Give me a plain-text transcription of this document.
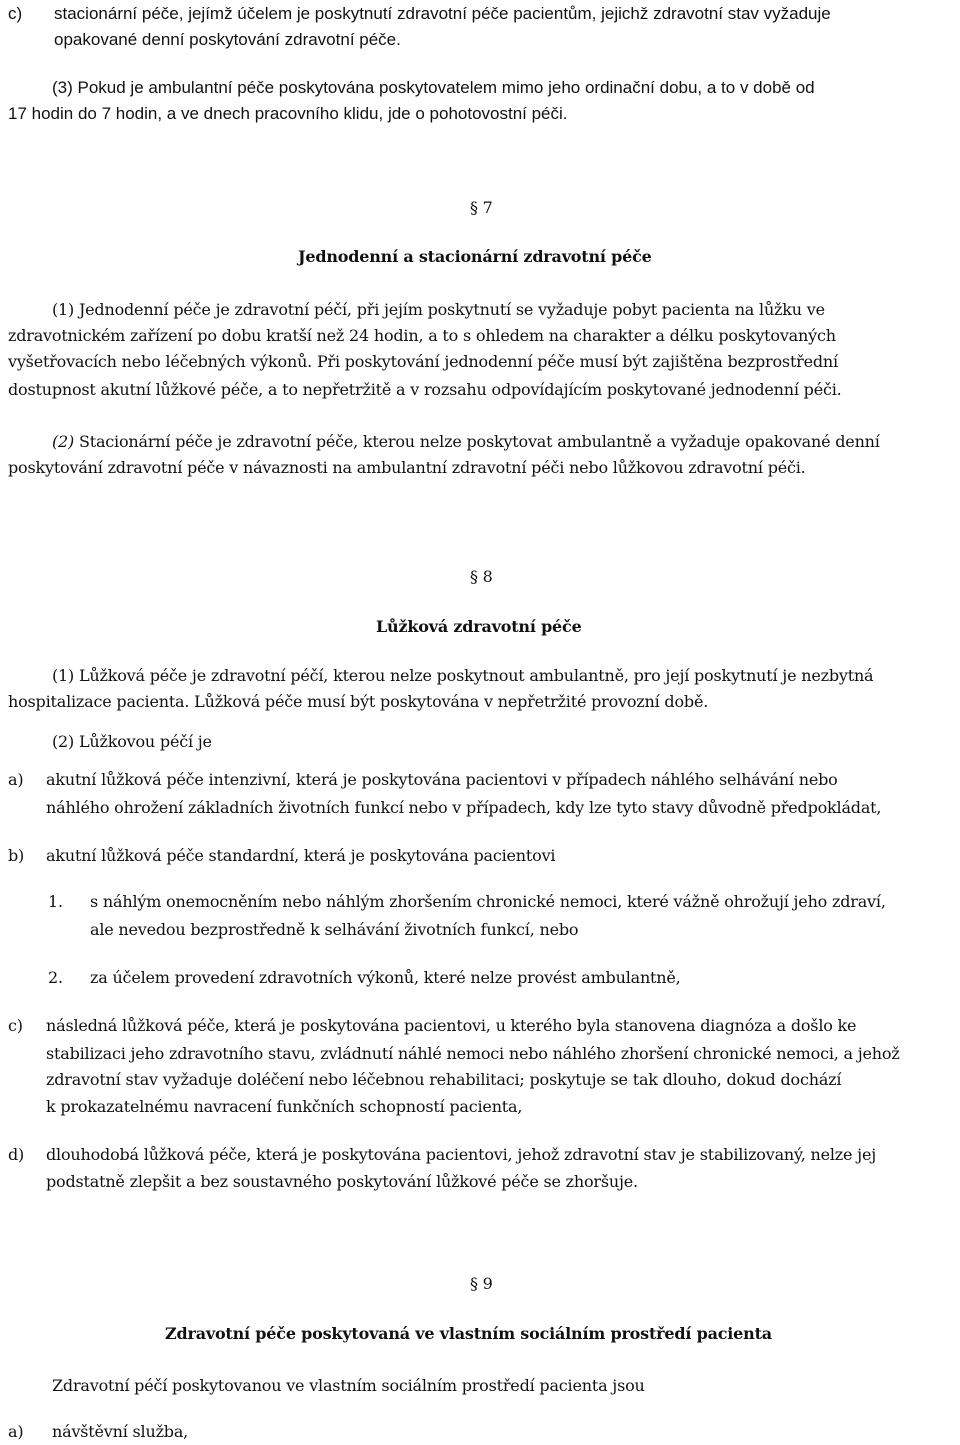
c) stacionární péče, jejímž účelem je poskytnutí zdravotní péče pacientům, jejichž zdravotní stav vyžaduje
opakované denní poskytování zdravotní péče.
(3) Pokud je ambulantní péče poskytována poskytovatelem mimo jeho ordinační dobu, a to v době od
17 hodin do 7 hodin, a ve dnech pracovního klidu, jde o pohotovostní péči.
§ 7
Jednodenní a stacionární zdravotní péče
(1) Jednodenní péče je zdravotní péčí, při jejím poskytnutí se vyžaduje pobyt pacienta na lůžku ve
zdravotnickém zařízení po dobu kratší než 24 hodin, a to s ohledem na charakter a délku poskytovaných
vyšetřovacích nebo léčebných výkonů. Při poskytování jednodenní péče musí být zajištěna bezprostřední
dostupnost akutní lůžkové péče, a to nepřetržitě a v rozsahu odpovídajícím poskytované jednodenní péči.
(2) Stacionární péče je zdravotní péče, kterou nelze poskytovat ambulantně a vyžaduje opakované denní
poskytování zdravotní péče v návaznosti na ambulantní zdravotní péči nebo lůžkovou zdravotní péči.
§ 8
Lůžková zdravotní péče
(1) Lůžková péče je zdravotní péčí, kterou nelze poskytnout ambulantně, pro její poskytnutí je nezbytná
hospitalizace pacienta. Lůžková péče musí být poskytována v nepřetržité provozní době.
(2) Lůžkovou péčí je
a) akutní lůžková péče intenzivní, která je poskytována pacientovi v případech náhlého selhávání nebo
náhlého ohrožení základních životních funkcí nebo v případech, kdy lze tyto stavy důvodně předpokládat,
b) akutní lůžková péče standardní, která je poskytována pacientovi
1. s náhlým onemocněním nebo náhlým zhoršením chronické nemoci, které vážně ohrožují jeho zdraví,
ale nevedou bezprostředně k selhávání životních funkcí, nebo
2. za účelem provedení zdravotních výkonů, které nelze provést ambulantně,
c) následná lůžková péče, která je poskytována pacientovi, u kterého byla stanovena diagnóza a došlo ke
stabilizaci jeho zdravotního stavu, zvládnutí náhlé nemoci nebo náhlého zhoršení chronické nemoci, a jehož
zdravotní stav vyžaduje doléčení nebo léčebnou rehabilitaci; poskytuje se tak dlouho, dokud dochází
k prokazatelnému navracení funkčních schopností pacienta,
d) dlouhodobá lůžková péče, která je poskytována pacientovi, jehož zdravotní stav je stabilizovaný, nelze jej
podstatně zlepšit a bez soustavného poskytování lůžkové péče se zhoršuje.
§ 9
Zdravotní péče poskytovaná ve vlastním sociálním prostředí pacienta
Zdravotní péčí poskytovanou ve vlastním sociálním prostředí pacienta jsou
a) návštěvní služba,
